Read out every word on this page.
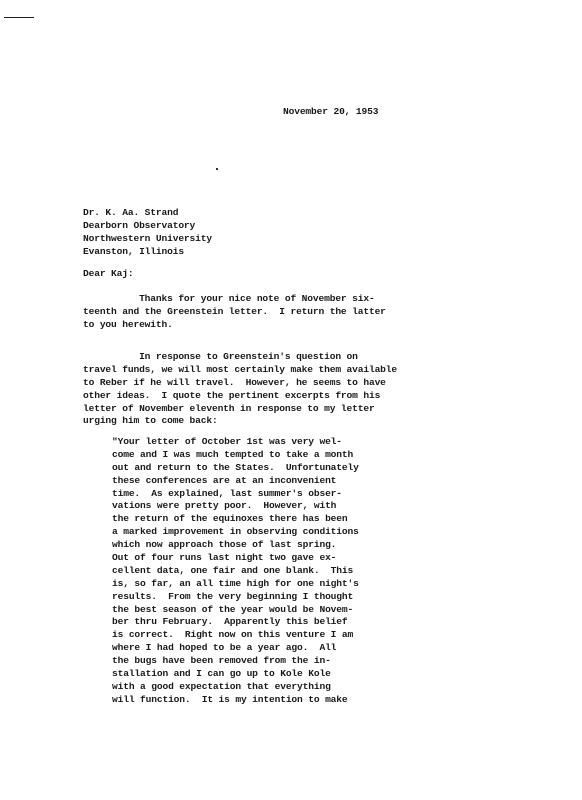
November 20, 1953
Dr. K. Aa. Strand
Dearborn Observatory
Northwestern University
Evanston, Illinois
Dear Kaj:
Thanks for your nice note of November six-
teenth and the Greenstein letter.  I return the latter
to you herewith.
In response to Greenstein's question on
travel funds, we will most certainly make them available
to Reber if he will travel.  However, he seems to have
other ideas.  I quote the pertinent excerpts from his
letter of November eleventh in response to my letter
urging him to come back:
"Your letter of October 1st was very wel-
come and I was much tempted to take a month
out and return to the States.  Unfortunately
these conferences are at an inconvenient
time.  As explained, last summer's obser-
vations were pretty poor.  However, with
the return of the equinoxes there has been
a marked improvement in observing conditions
which now approach those of last spring.
Out of four runs last night two gave ex-
cellent data, one fair and one blank.  This
is, so far, an all time high for one night's
results.  From the very beginning I thought
the best season of the year would be Novem-
ber thru February.  Apparently this belief
is correct.  Right now on this venture I am
where I had hoped to be a year ago.  All
the bugs have been removed from the in-
stallation and I can go up to Kole Kole
with a good expectation that everything
will function.  It is my intention to make
